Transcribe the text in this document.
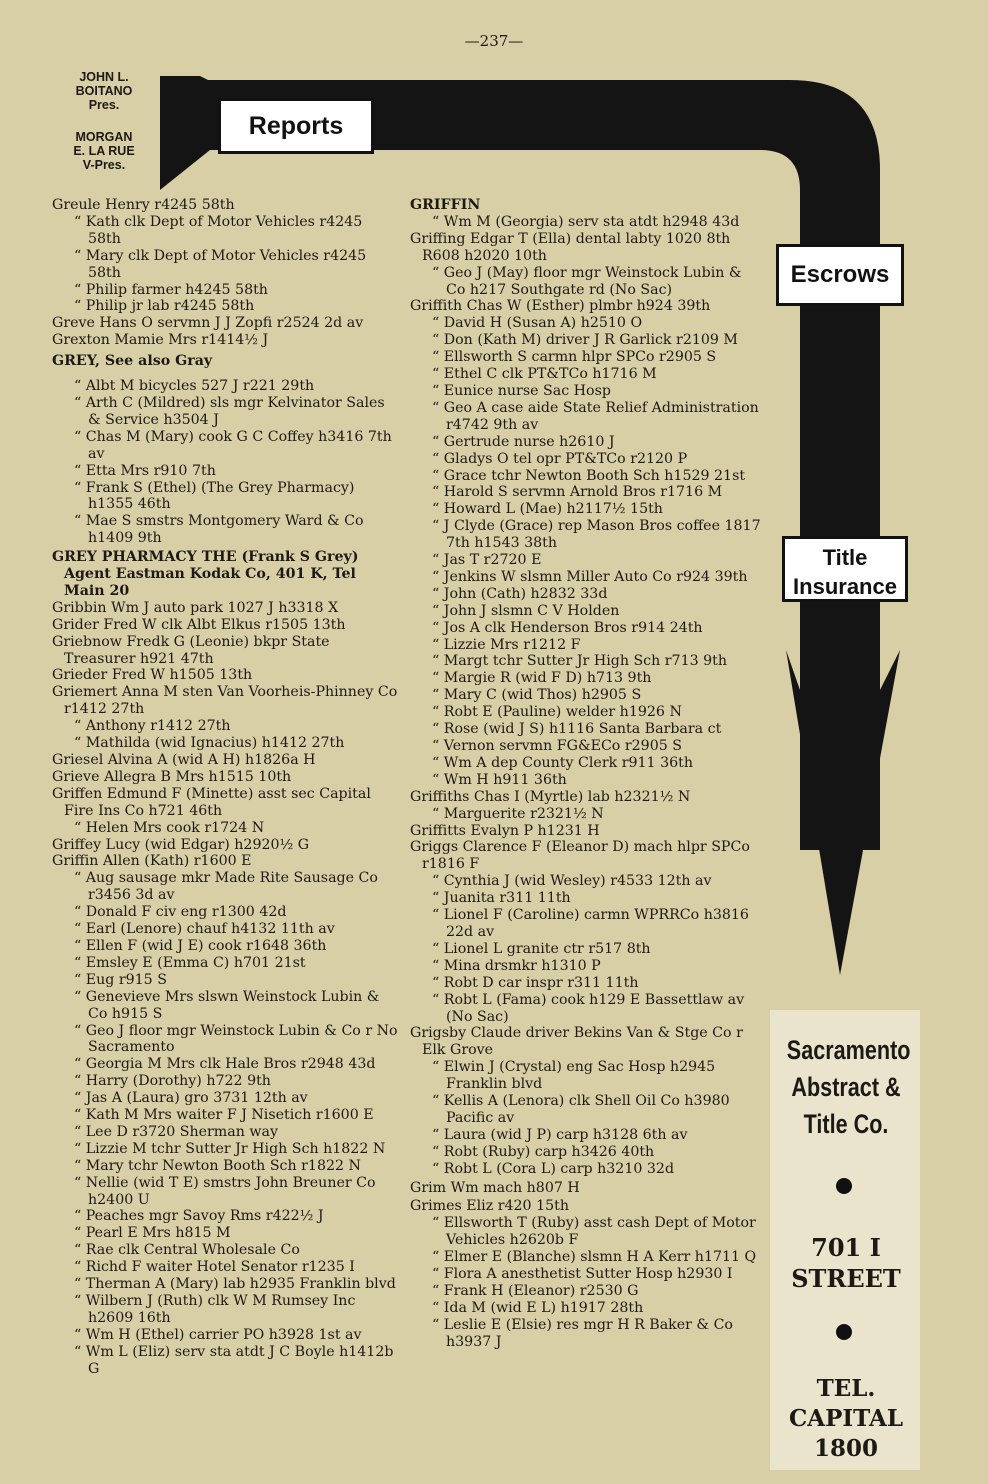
—237—
JOHN L.
BOITANO
Pres.
MORGAN
E. LA RUE
V-Pres.
Reports
Escrows
Title
Insurance
Sacramento
Abstract &
Title Co.
701 I
STREET
TEL.
CAPITAL
1800
Greule Henry r4245 58th
“ Kath clk Dept of Motor Vehicles r4245 58th
“ Mary clk Dept of Motor Vehicles r4245 58th
“ Philip farmer h4245 58th
“ Philip jr lab r4245 58th
Greve Hans O servmn J J Zopfi r2524 2d av
Grexton Mamie Mrs r1414½ J
GREY, See also Gray
“ Albt M bicycles 527 J r221 29th
“ Arth C (Mildred) sls mgr Kelvinator Sales & Service h3504 J
“ Chas M (Mary) cook G C Coffey h3416 7th av
“ Etta Mrs r910 7th
“ Frank S (Ethel) (The Grey Pharmacy) h1355 46th
“ Mae S smstrs Montgomery Ward & Co h1409 9th
GREY PHARMACY THE (Frank S Grey) Agent Eastman Kodak Co, 401 K, Tel Main 20
Gribbin Wm J auto park 1027 J h3318 X
Grider Fred W clk Albt Elkus r1505 13th
Griebnow Fredk G (Leonie) bkpr State Treasurer h921 47th
Grieder Fred W h1505 13th
Griemert Anna M sten Van Voorheis-Phinney Co r1412 27th
“ Anthony r1412 27th
“ Mathilda (wid Ignacius) h1412 27th
Griesel Alvina A (wid A H) h1826a H
Grieve Allegra B Mrs h1515 10th
Griffen Edmund F (Minette) asst sec Capital Fire Ins Co h721 46th
“ Helen Mrs cook r1724 N
Griffey Lucy (wid Edgar) h2920½ G
Griffin Allen (Kath) r1600 E
“ Aug sausage mkr Made Rite Sausage Co r3456 3d av
“ Donald F civ eng r1300 42d
“ Earl (Lenore) chauf h4132 11th av
“ Ellen F (wid J E) cook r1648 36th
“ Emsley E (Emma C) h701 21st
“ Eug r915 S
“ Genevieve Mrs slswn Weinstock Lubin & Co h915 S
“ Geo J floor mgr Weinstock Lubin & Co r No Sacramento
“ Georgia M Mrs clk Hale Bros r2948 43d
“ Harry (Dorothy) h722 9th
“ Jas A (Laura) gro 3731 12th av
“ Kath M Mrs waiter F J Nisetich r1600 E
“ Lee D r3720 Sherman way
“ Lizzie M tchr Sutter Jr High Sch h1822 N
“ Mary tchr Newton Booth Sch r1822 N
“ Nellie (wid T E) smstrs John Breuner Co h2400 U
“ Peaches mgr Savoy Rms r422½ J
“ Pearl E Mrs h815 M
“ Rae clk Central Wholesale Co
“ Richd F waiter Hotel Senator r1235 I
“ Therman A (Mary) lab h2935 Franklin blvd
“ Wilbern J (Ruth) clk W M Rumsey Inc h2609 16th
“ Wm H (Ethel) carrier PO h3928 1st av
“ Wm L (Eliz) serv sta atdt J C Boyle h1412b G
GRIFFIN
“ Wm M (Georgia) serv sta atdt h2948 43d
Griffing Edgar T (Ella) dental labty 1020 8th R608 h2020 10th
“ Geo J (May) floor mgr Weinstock Lubin & Co h217 Southgate rd (No Sac)
Griffith Chas W (Esther) plmbr h924 39th
“ David H (Susan A) h2510 O
“ Don (Kath M) driver J R Garlick r2109 M
“ Ellsworth S carmn hlpr SPCo r2905 S
“ Ethel C clk PT&TCo h1716 M
“ Eunice nurse Sac Hosp
“ Geo A case aide State Relief Administration r4742 9th av
“ Gertrude nurse h2610 J
“ Gladys O tel opr PT&TCo r2120 P
“ Grace tchr Newton Booth Sch h1529 21st
“ Harold S servmn Arnold Bros r1716 M
“ Howard L (Mae) h2117½ 15th
“ J Clyde (Grace) rep Mason Bros coffee 1817 7th h1543 38th
“ Jas T r2720 E
“ Jenkins W slsmn Miller Auto Co r924 39th
“ John (Cath) h2832 33d
“ John J slsmn C V Holden
“ Jos A clk Henderson Bros r914 24th
“ Lizzie Mrs r1212 F
“ Margt tchr Sutter Jr High Sch r713 9th
“ Margie R (wid F D) h713 9th
“ Mary C (wid Thos) h2905 S
“ Robt E (Pauline) welder h1926 N
“ Rose (wid J S) h1116 Santa Barbara ct
“ Vernon servmn FG&ECo r2905 S
“ Wm A dep County Clerk r911 36th
“ Wm H h911 36th
Griffiths Chas I (Myrtle) lab h2321½ N
“ Marguerite r2321½ N
Griffitts Evalyn P h1231 H
Griggs Clarence F (Eleanor D) mach hlpr SPCo r1816 F
“ Cynthia J (wid Wesley) r4533 12th av
“ Juanita r311 11th
“ Lionel F (Caroline) carmn WPRRCo h3816 22d av
“ Lionel L granite ctr r517 8th
“ Mina drsmkr h1310 P
“ Robt D car inspr r311 11th
“ Robt L (Fama) cook h129 E Bassettlaw av (No Sac)
Grigsby Claude driver Bekins Van & Stge Co r Elk Grove
“ Elwin J (Crystal) eng Sac Hosp h2945 Franklin blvd
“ Kellis A (Lenora) clk Shell Oil Co h3980 Pacific av
“ Laura (wid J P) carp h3128 6th av
“ Robt (Ruby) carp h3426 40th
“ Robt L (Cora L) carp h3210 32d
Grim Wm mach h807 H
Grimes Eliz r420 15th
“ Ellsworth T (Ruby) asst cash Dept of Motor Vehicles h2620b F
“ Elmer E (Blanche) slsmn H A Kerr h1711 Q
“ Flora A anesthetist Sutter Hosp h2930 I
“ Frank H (Eleanor) r2530 G
“ Ida M (wid E L) h1917 28th
“ Leslie E (Elsie) res mgr H R Baker & Co h3937 J
